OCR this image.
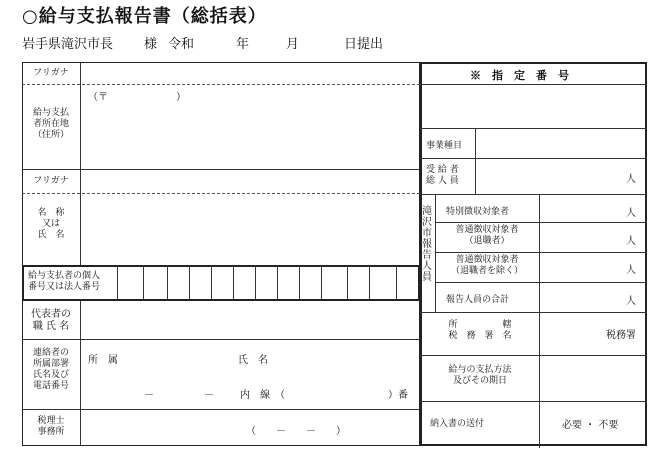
○給与支払報告書（総括表）
岩手県滝沢市長 様 令和	年	月	日提出
フリガナ
給与支払
者所在地
（住所）
（〒	）
フリガナ
名　称
又は
氏　名
給与支払者の個人
番号又は法人番号
代表者の
職 氏 名
連絡者の
所属部署
氏名及び
電話番号
所　属	氏　名
－　　　　　－	内　線　（	）番
税理士
事務所	（　　－　　－　　）
※　指　定　番　号
事業種目
受 給 者
総 人 員	人
滝沢市報告人員
特別徴収対象者	人
普通徴収対象者
（退職者）	人
普通徴収対象者
（退職者を除く）	人
報告人員の合計	人
所　　　　　轄
税　務　署　名	税務署
給与の支払方法
及びその期日
納入書の送付	必要 ・ 不要
